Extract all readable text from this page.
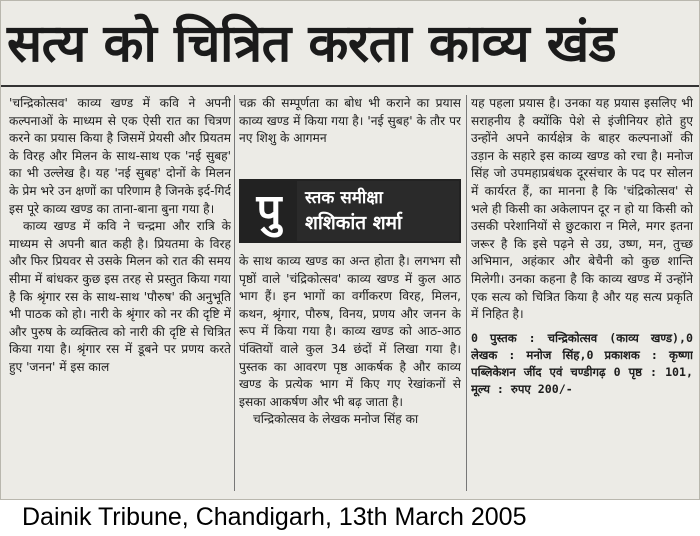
सत्य को चित्रित करता काव्य खंड

'चन्द्रिकोत्सव' काव्य खण्ड में कवि ने अपनी कल्पनाओं के माध्यम से एक ऐसी रात का चित्रण करने का प्रयास किया है जिसमें प्रेयसी और प्रियतम के विरह और मिलन के साथ-साथ एक 'नई सुबह' का भी उल्लेख है। यह 'नई सुबह' दोनों के मिलन के प्रेम भरे उन क्षणों का परिणाम है जिनके इर्द-गिर्द इस पूरे काव्य खण्ड का ताना-बाना बुना गया है।

काव्य खण्ड में कवि ने चन्द्रमा और रात्रि के माध्यम से अपनी बात कही है। प्रियतमा के विरह और फिर प्रियवर से उसके मिलन को रात की समय सीमा में बांधकर कुछ इस तरह से प्रस्तुत किया गया है कि श्रृंगार रस के साथ-साथ 'पौरुष' की अनुभूति भी पाठक को हो। नारी के श्रृंगार को नर की दृष्टि में और पुरुष के व्यक्तित्व को नारी की दृष्टि से चित्रित किया गया है। श्रृंगार रस में डूबने पर प्रणय करते हुए 'जनन' में इस काल

चक्र की सम्पूर्णता का बोध भी कराने का प्रयास काव्य खण्ड में किया गया है। 'नई सुबह' के तौर पर नए शिशु के आगमन

पु	स्तक समीक्षा
शशिकांत शर्मा

के साथ काव्य खण्ड का अन्त होता है। लगभग सौ पृष्ठों वाले 'चंद्रिकोत्सव' काव्य खण्ड में कुल आठ भाग हैं। इन भागों का वर्गीकरण विरह, मिलन, कथन, श्रृंगार, पौरुष, विनय, प्रणय और जनन के रूप में किया गया है। काव्य खण्ड को आठ-आठ पंक्तियों वाले कुल 34 छंदों में लिखा गया है। पुस्तक का आवरण पृष्ठ आकर्षक है और काव्य खण्ड के प्रत्येक भाग में किए गए रेखांकनों से इसका आकर्षण और भी बढ़ जाता है।

चन्द्रिकोत्सव के लेखक मनोज सिंह का

यह पहला प्रयास है। उनका यह प्रयास इसलिए भी सराहनीय है क्योंकि पेशे से इंजीनियर होते हुए उन्होंने अपने कार्यक्षेत्र के बाहर कल्पनाओं की उड़ान के सहारे इस काव्य खण्ड को रचा है। मनोज सिंह जो उपमहाप्रबंधक दूरसंचार के पद पर सोलन में कार्यरत हैं, का मानना है कि 'चंद्रिकोत्सव' से भले ही किसी का अकेलापन दूर न हो या किसी को उसकी परेशानियों से छुटकारा न मिले, मगर इतना जरूर है कि इसे पढ़ने से उग्र, उष्ण, मन, तुच्छ अभिमान, अहंकार और बेचैनी को कुछ शान्ति मिलेगी। उनका कहना है कि काव्य खण्ड में उन्होंने एक सत्य को चित्रित किया है और यह सत्य प्रकृति में निहित है।

0 पुस्तक : चन्द्रिकोत्सव (काव्य खण्ड),0 लेखक : मनोज सिंह,0 प्रकाशक : कृष्णा पब्लिकेशन जींद एवं चण्डीगढ़ 0 पृष्ठ : 101, मूल्य : रुपए 200/-

Dainik Tribune, Chandigarh, 13th March 2005
